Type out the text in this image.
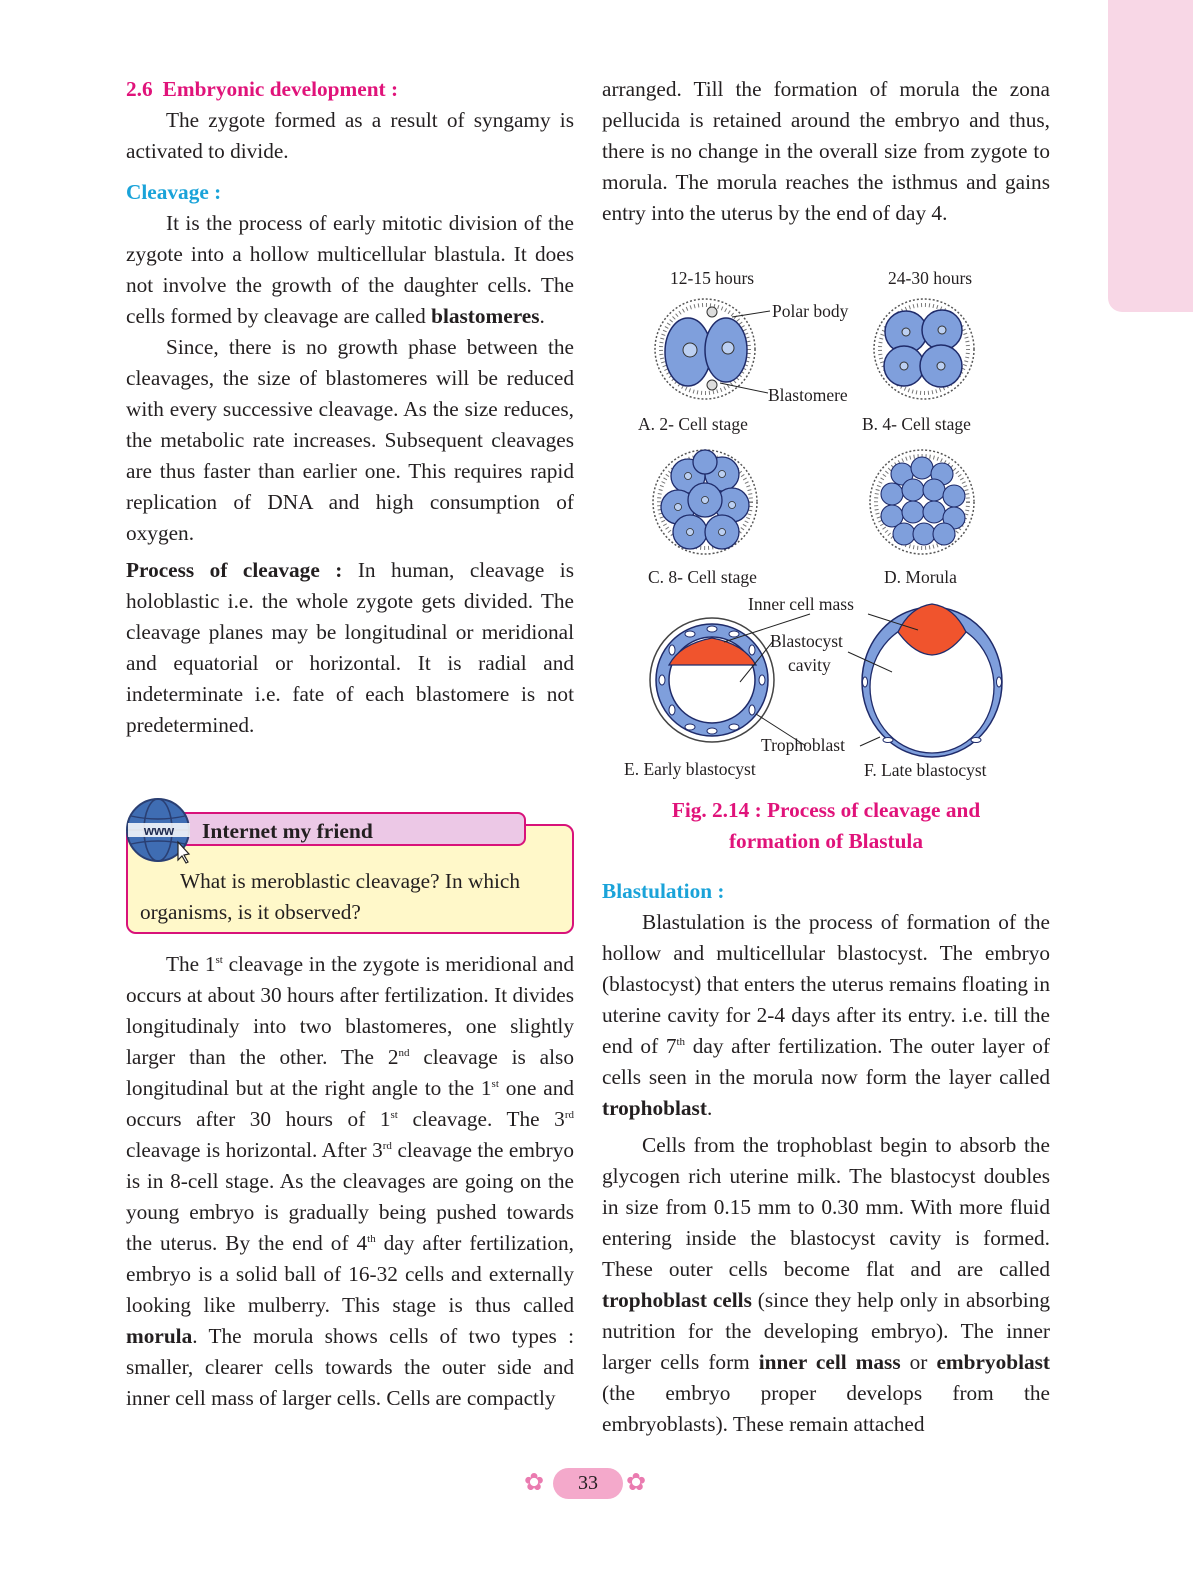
2.6 Embryonic development :

The zygote formed as a result of syngamy is activated to divide.

Cleavage :

It is the process of early mitotic division of the zygote into a hollow multicellular blastula. It does not involve the growth of the daughter cells. The cells formed by cleavage are called blastomeres.

Since, there is no growth phase between the cleavages, the size of blastomeres will be reduced with every successive cleavage. As the size reduces, the metabolic rate increases. Subsequent cleavages are thus faster than earlier one. This requires rapid replication of DNA and high consumption of oxygen.

Process of cleavage : In human, cleavage is holoblastic i.e. the whole zygote gets divided. The cleavage planes may be longitudinal or meridional and equatorial or horizontal. It is radial and indeterminate i.e. fate of each blastomere is not predetermined.

What is meroblastic cleavage? In which organisms, is it observed?

Internet my friend
www

The 1st cleavage in the zygote is meridional and occurs at about 30 hours after fertilization. It divides longitudinaly into two blastomeres, one slightly larger than the other. The 2nd cleavage is also longitudinal but at the right angle to the 1st one and occurs after 30 hours of 1st cleavage. The 3rd cleavage is horizontal. After 3rd cleavage the embryo is in 8-cell stage. As the cleavages are going on the young embryo is gradually being pushed towards the uterus. By the end of 4th day after fertilization, embryo is a solid ball of 16-32 cells and externally looking like mulberry. This stage is thus called morula. The morula shows cells of two types : smaller, clearer cells towards the outer side and inner cell mass of larger cells. Cells are compactly

arranged. Till the formation of morula the zona pellucida is retained around the embryo and thus, there is no change in the overall size from zygote to morula. The morula reaches the isthmus and gains entry into the uterus by the end of day 4.

12-15 hours	24-30 hours
Polar body
Blastomere
A. 2- Cell stage	B. 4- Cell stage
C. 8- Cell stage	D. Morula
Inner cell mass
Blastocyst
cavity
Trophoblast
E. Early blastocyst	F. Late blastocyst
Fig. 2.14 : Process of cleavage and
formation of Blastula

Blastulation :

Blastulation is the process of formation of the hollow and multicellular blastocyst. The embryo (blastocyst) that enters the uterus remains floating in uterine cavity for 2-4 days after its entry. i.e. till the end of 7th day after fertilization. The outer layer of cells seen in the morula now form the layer called trophoblast.

Cells from the trophoblast begin to absorb the glycogen rich uterine milk. The blastocyst doubles in size from 0.15 mm to 0.30 mm. With more fluid entering inside the blastocyst cavity is formed. These outer cells become flat and are called trophoblast cells (since they help only in absorbing nutrition for the developing embryo). The inner larger cells form inner cell mass or embryoblast (the embryo proper develops from the embryoblasts). These remain attached

✿	33	✿
